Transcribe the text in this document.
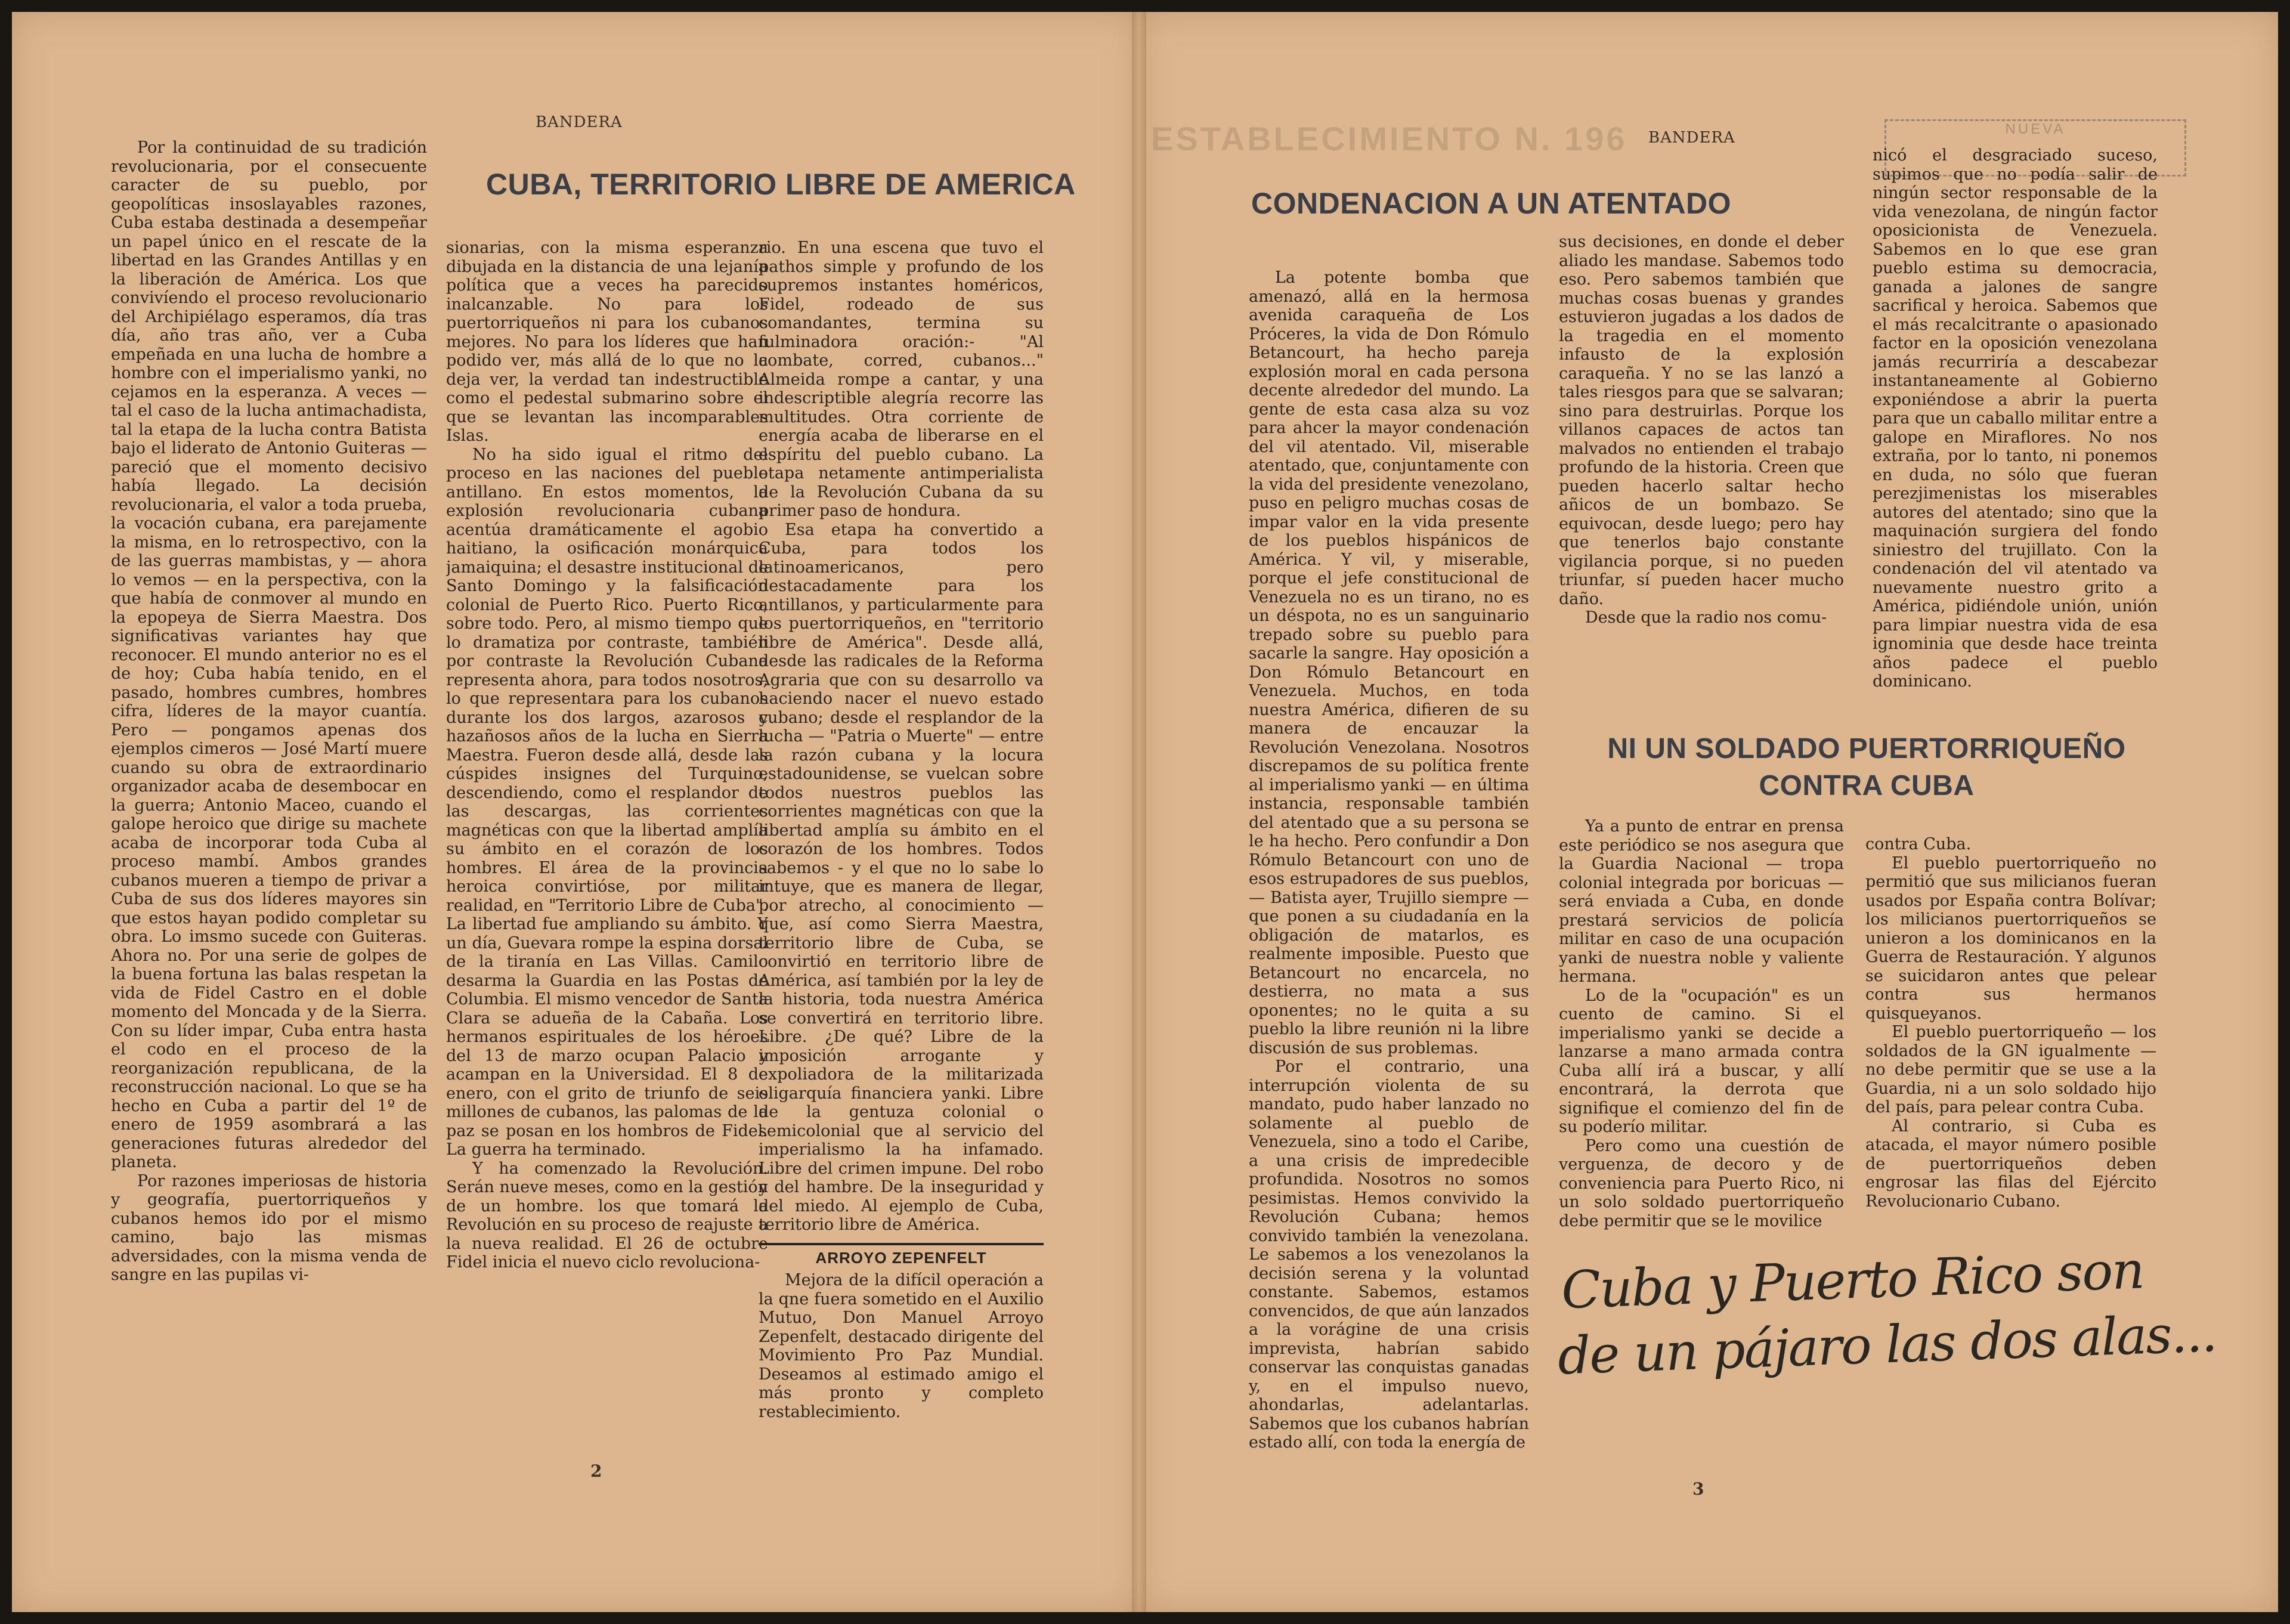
BANDERA
CUBA, TERRITORIO LIBRE DE AMERICA

Por la continuidad de su tradición revolucionaria, por el consecuente caracter de su pueblo, por geopolíticas insoslayables razones, Cuba estaba destinada a desempeñar un papel único en el rescate de la libertad en las Grandes Antillas y en la liberación de América. Los que convivíendo el proceso revolucionario del Archipiélago esperamos, día tras día, año tras año, ver a Cuba empeñada en una lucha de hombre a hombre con el imperialismo yanki, no cejamos en la esperanza. A veces — tal el caso de la lucha antimachadista, tal la etapa de la lucha contra Batista bajo el liderato de Antonio Guiteras — pareció que el momento decisivo había llegado. La decisión revolucionaria, el valor a toda prueba, la vocación cubana, era parejamente la misma, en lo retrospectivo, con la de las guerras mambistas, y — ahora lo vemos — en la perspectiva, con la que había de conmover al mundo en la epopeya de Sierra Maestra. Dos significativas variantes hay que reconocer. El mundo anterior no es el de hoy; Cuba había tenido, en el pasado, hombres cumbres, hombres cifra, líderes de la mayor cuantía. Pero — pongamos apenas dos ejemplos cimeros — José Martí muere cuando su obra de extraordinario organizador acaba de desembocar en la guerra; Antonio Maceo, cuando el galope heroico que dirige su machete acaba de incorporar toda Cuba al proceso mambí. Ambos grandes cubanos mueren a tiempo de privar a Cuba de sus dos líderes mayores sin que estos hayan podido completar su obra. Lo imsmo sucede con Guiteras. Ahora no. Por una serie de golpes de la buena fortuna las balas respetan la vida de Fidel Castro en el doble momento del Moncada y de la Sierra. Con su líder impar, Cuba entra hasta el codo en el proceso de la reorganización republicana, de la reconstrucción nacional. Lo que se ha hecho en Cuba a partir del 1º de enero de 1959 asombrará a las generaciones futuras alrededor del planeta.

Por razones imperiosas de historia y geografía, puertorriqueños y cubanos hemos ido por el mismo camino, bajo las mismas adversidades, con la misma venda de sangre en las pupilas vi-

sionarias, con la misma esperanza dibujada en la distancia de una lejanía política que a veces ha parecido inalcanzable. No para los puertorriqueños ni para los cubanos mejores. No para los líderes que han podido ver, más allá de lo que no la deja ver, la verdad tan indestructible como el pedestal submarino sobre el que se levantan las incomparables Islas.

No ha sido igual el ritmo del proceso en las naciones del pueblo antillano. En estos momentos, la explosión revolucionaria cubana acentúa dramáticamente el agobio haitiano, la osificación monárquica jamaiquina; el desastre institucional de Santo Domingo y la falsificación colonial de Puerto Rico. Puerto Rico, sobre todo. Pero, al mismo tiempo que lo dramatiza por contraste, también por contraste la Revolución Cubana representa ahora, para todos nosotros, lo que representara para los cubanos durante los dos largos, azarosos y hazañosos años de la lucha en Sierra Maestra. Fueron desde allá, desde las cúspides insignes del Turquino, descendiendo, como el resplandor de las descargas, las corrientes magnéticas con que la libertad amplía su ámbito en el corazón de los hombres. El área de la provincia heroica convirtióse, por militar realidad, en "Territorio Libre de Cuba". La libertad fue ampliando su ámbito. Y un día, Guevara rompe la espina dorsal de la tiranía en Las Villas. Camilo desarma la Guardia en las Postas de Columbia. El mismo vencedor de Santa Clara se adueña de la Cabaña. Los hermanos espirituales de los héroes del 13 de marzo ocupan Palacio y acampan en la Universidad. El 8 de enero, con el grito de triunfo de seis millones de cubanos, las palomas de la paz se posan en los hombros de Fidel. La guerra ha terminado.

Y ha comenzado la Revolución. Serán nueve meses, como en la gestión de un hombre. los que tomará la Revolución en su proceso de reajuste a la nueva realidad. El 26 de octubre Fidel inicia el nuevo ciclo revoluciona-

rio. En una escena que tuvo el pathos simple y profundo de los supremos instantes homéricos, Fidel, rodeado de sus comandantes, termina su fulminadora oración:- "Al combate, corred, cubanos..." Almeida rompe a cantar, y una indescriptible alegría recorre las multitudes. Otra corriente de energía acaba de liberarse en el espíritu del pueblo cubano. La etapa netamente antimperialista de la Revolución Cubana da su primer paso de hondura.

Esa etapa ha convertido a Cuba, para todos los latinoamericanos, pero destacadamente para los antillanos, y particularmente para los puertorriqueños, en "territorio libre de América". Desde allá, desde las radicales de la Reforma Agraria que con su desarrollo va haciendo nacer el nuevo estado cubano; desde el resplandor de la lucha — "Patria o Muerte" — entre la razón cubana y la locura estadounidense, se vuelcan sobre todos nuestros pueblos las corrientes magnéticas con que la libertad amplía su ámbito en el corazón de los hombres. Todos sabemos - y el que no lo sabe lo intuye, que es manera de llegar, por atrecho, al conocimiento — que, así como Sierra Maestra, territorio libre de Cuba, se convirtió en territorio libre de América, así también por la ley de la historia, toda nuestra América se convertirá en territorio libre. Libre. ¿De qué? Libre de la imposición arrogante y expoliadora de la militarizada oligarquía financiera yanki. Libre de la gentuza colonial o semicolonial que al servicio del imperialismo la ha infamado. Libre del crimen impune. Del robo y del hambre. De la inseguridad y del miedo. Al ejemplo de Cuba, territorio libre de América.

ARROYO ZEPENFELT

Mejora de la difícil operación a la qne fuera sometido en el Auxilio Mutuo, Don Manuel Arroyo Zepenfelt, destacado dirigente del Movimiento Pro Paz Mundial. Deseamos al estimado amigo el más pronto y completo restablecimiento.

2
ESTABLECIMIENTO N. 196	NUEVA
BANDERA
CONDENACION A UN ATENTADO

La potente bomba que amenazó, allá en la hermosa avenida caraqueña de Los Próceres, la vida de Don Rómulo Betancourt, ha hecho pareja explosión moral en cada persona decente alrededor del mundo. La gente de esta casa alza su voz para ahcer la mayor condenación del vil atentado. Vil, miserable atentado, que, conjuntamente con la vida del presidente venezolano, puso en peligro muchas cosas de impar valor en la vida presente de los pueblos hispánicos de América. Y vil, y miserable, porque el jefe constitucional de Venezuela no es un tirano, no es un déspota, no es un sanguinario trepado sobre su pueblo para sacarle la sangre. Hay oposición a Don Rómulo Betancourt en Venezuela. Muchos, en toda nuestra América, difieren de su manera de encauzar la Revolución Venezolana. Nosotros discrepamos de su política frente al imperialismo yanki — en última instancia, responsable también del atentado que a su persona se le ha hecho. Pero confundir a Don Rómulo Betancourt con uno de esos estrupadores de sus pueblos, — Batista ayer, Trujillo siempre — que ponen a su ciudadanía en la obligación de matarlos, es realmente imposible. Puesto que Betancourt no encarcela, no destierra, no mata a sus oponentes; no le quita a su pueblo la libre reunión ni la libre discusión de sus problemas.

Por el contrario, una interrupción violenta de su mandato, pudo haber lanzado no solamente al pueblo de Venezuela, sino a todo el Caribe, a una crisis de impredecible profundida. Nosotros no somos pesimistas. Hemos convivido la Revolución Cubana; hemos convivido también la venezolana. Le sabemos a los venezolanos la decisión serena y la voluntad constante. Sabemos, estamos convencidos, de que aún lanzados a la vorágine de una crisis imprevista, habrían sabido conservar las conquistas ganadas y, en el impulso nuevo, ahondarlas, adelantarlas. Sabemos que los cubanos habrían estado allí, con toda la energía de

sus decisiones, en donde el deber aliado les mandase. Sabemos todo eso. Pero sabemos también que muchas cosas buenas y grandes estuvieron jugadas a los dados de la tragedia en el momento infausto de la explosión caraqueña. Y no se las lanzó a tales riesgos para que se salvaran; sino para destruirlas. Porque los villanos capaces de actos tan malvados no entienden el trabajo profundo de la historia. Creen que pueden hacerlo saltar hecho añicos de un bombazo. Se equivocan, desde luego; pero hay que tenerlos bajo constante vigilancia porque, si no pueden triunfar, sí pueden hacer mucho daño.

Desde que la radio nos comu-

nicó el desgraciado suceso, supimos que no podía salir de ningún sector responsable de la vida venezolana, de ningún factor oposicionista de Venezuela. Sabemos en lo que ese gran pueblo estima su democracia, ganada a jalones de sangre sacrifical y heroica. Sabemos que el más recalcitrante o apasionado factor en la oposición venezolana jamás recurriría a descabezar instantaneamente al Gobierno exponiéndose a abrir la puerta para que un caballo militar entre a galope en Miraflores. No nos extraña, por lo tanto, ni ponemos en duda, no sólo que fueran perezjimenistas los miserables autores del atentado; sino que la maquinación surgiera del fondo siniestro del trujillato. Con la condenación del vil atentado va nuevamente nuestro grito a América, pidiéndole unión, unión para limpiar nuestra vida de esa ignominia que desde hace treinta años padece el pueblo dominicano.

NI UN SOLDADO PUERTORRIQUEÑO
CONTRA CUBA

Ya a punto de entrar en prensa este periódico se nos asegura que la Guardia Nacional — tropa colonial integrada por boricuas — será enviada a Cuba, en donde prestará servicios de policía militar en caso de una ocupación yanki de nuestra noble y valiente hermana.

Lo de la "ocupación" es un cuento de camino. Si el imperialismo yanki se decide a lanzarse a mano armada contra Cuba allí irá a buscar, y allí encontrará, la derrota que signifique el comienzo del fin de su poderío militar.

Pero como una cuestión de verguenza, de decoro y de conveniencia para Puerto Rico, ni un solo soldado puertorriqueño debe permitir que se le movilice

contra Cuba.

El pueblo puertorriqueño no permitió que sus milicianos fueran usados por España contra Bolívar; los milicianos puertorriqueños se unieron a los dominicanos en la Guerra de Restauración. Y algunos se suicidaron antes que pelear contra sus hermanos quisqueyanos.

El pueblo puertorriqueño — los soldados de la GN igualmente — no debe permitir que se use a la Guardia, ni a un solo soldado hijo del país, para pelear contra Cuba.

Al contrario, si Cuba es atacada, el mayor número posible de puertorriqueños deben engrosar las filas del Ejército Revolucionario Cubano.

Cuba y Puerto Rico son
de un pájaro las dos alas...
3
